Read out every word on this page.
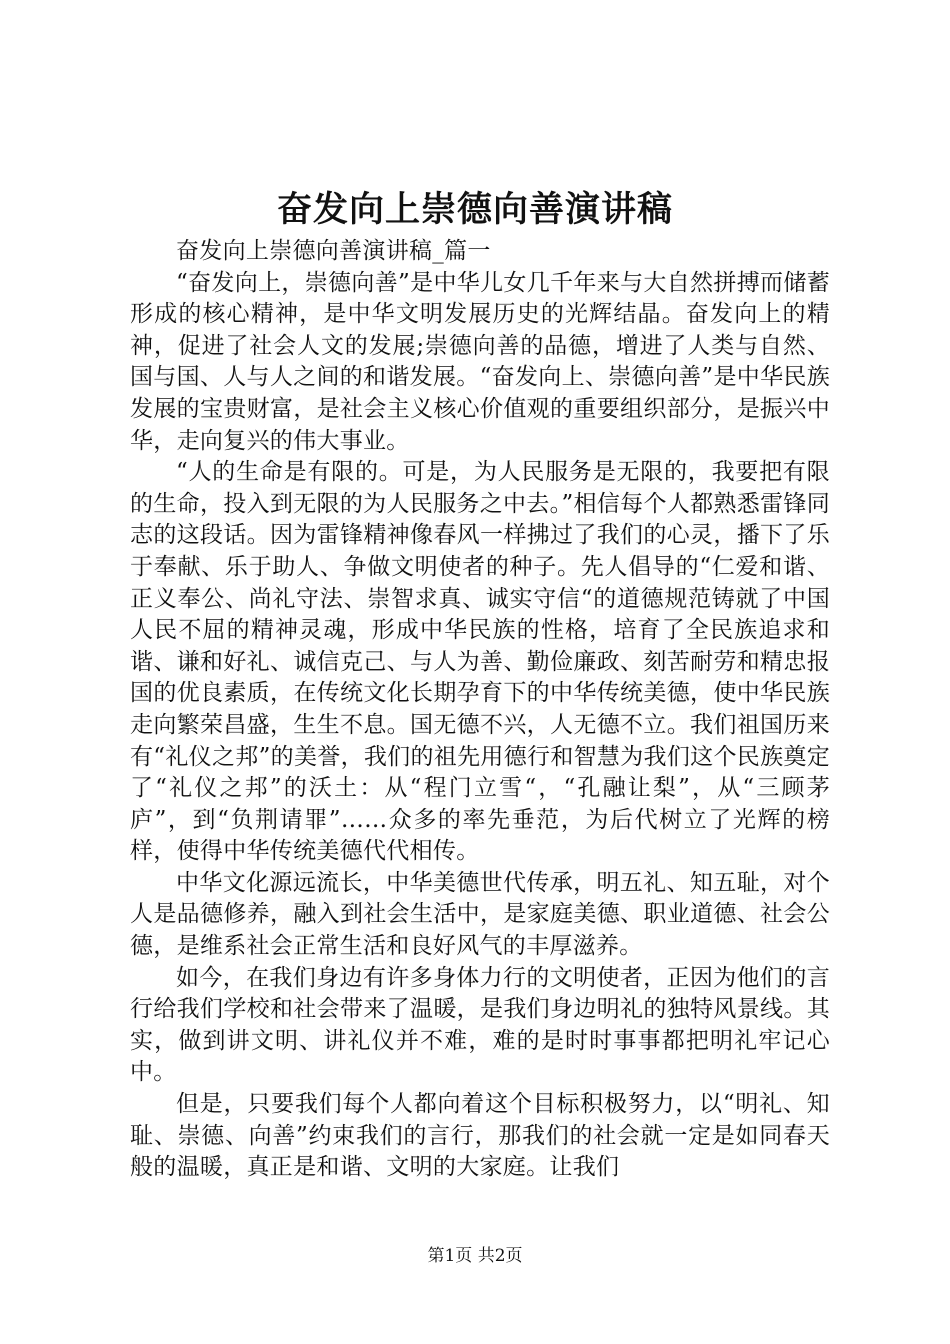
奋发向上崇德向善演讲稿

奋发向上崇德向善演讲稿_篇一

“奋发向上，崇德向善”是中华儿女几千年来与大自然拼搏而储蓄形成的核心精神，是中华文明发展历史的光辉结晶。奋发向上的精神，促进了社会人文的发展;崇德向善的品德，增进了人类与自然、国与国、人与人之间的和谐发展。“奋发向上、崇德向善”是中华民族发展的宝贵财富，是社会主义核心价值观的重要组织部分，是振兴中华，走向复兴的伟大事业。

“人的生命是有限的。可是，为人民服务是无限的，我要把有限的生命，投入到无限的为人民服务之中去。”相信每个人都熟悉雷锋同志的这段话。因为雷锋精神像春风一样拂过了我们的心灵，播下了乐于奉献、乐于助人、争做文明使者的种子。先人倡导的“仁爱和谐、正义奉公、尚礼守法、崇智求真、诚实守信“的道德规范铸就了中国人民不屈的精神灵魂，形成中华民族的性格，培育了全民族追求和谐、谦和好礼、诚信克己、与人为善、勤俭廉政、刻苦耐劳和精忠报国的优良素质，在传统文化长期孕育下的中华传统美德，使中华民族走向繁荣昌盛，生生不息。国无德不兴，人无德不立。我们祖国历来有“礼仪之邦”的美誉，我们的祖先用德行和智慧为我们这个民族奠定了“礼仪之邦”的沃土：从“程门立雪“，“孔融让梨”，从“三顾茅庐”，到“负荆请罪”……众多的率先垂范，为后代树立了光辉的榜样，使得中华传统美德代代相传。

中华文化源远流长，中华美德世代传承，明五礼、知五耻，对个人是品德修养，融入到社会生活中，是家庭美德、职业道德、社会公德，是维系社会正常生活和良好风气的丰厚滋养。

如今，在我们身边有许多身体力行的文明使者，正因为他们的言行给我们学校和社会带来了温暖，是我们身边明礼的独特风景线。其实，做到讲文明、讲礼仪并不难，难的是时时事事都把明礼牢记心中。

但是，只要我们每个人都向着这个目标积极努力，以“明礼、知耻、崇德、向善”约束我们的言行，那我们的社会就一定是如同春天般的温暖，真正是和谐、文明的大家庭。让我们

第1页 共2页
